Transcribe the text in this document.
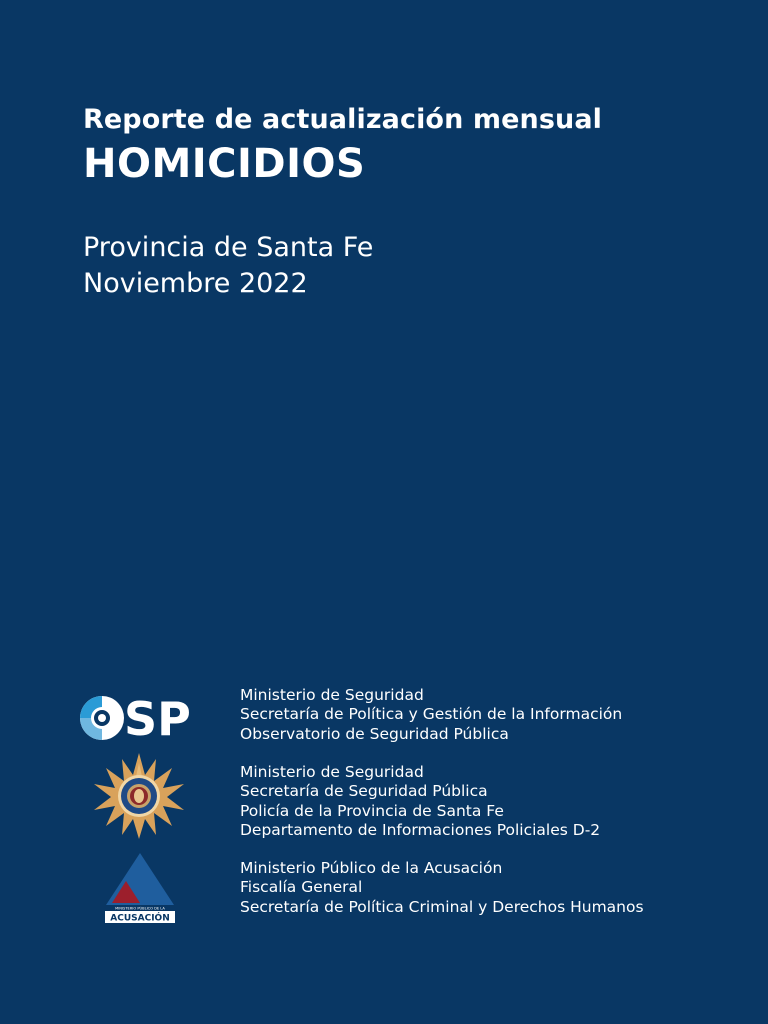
Reporte de actualización mensual
HOMICIDIOS
Provincia de Santa Fe
Noviembre 2022
SP	Ministerio de Seguridad
Secretaría de Política y Gestión de la Información
Observatorio de Seguridad Pública
Ministerio de Seguridad
Secretaría de Seguridad Pública
Policía de la Provincia de Santa Fe
Departamento de Informaciones Policiales D-2
MINISTERIO PÚBLICO DE LA
ACUSACIÓN
Ministerio Público de la Acusación
Fiscalía General
Secretaría de Política Criminal y Derechos Humanos
